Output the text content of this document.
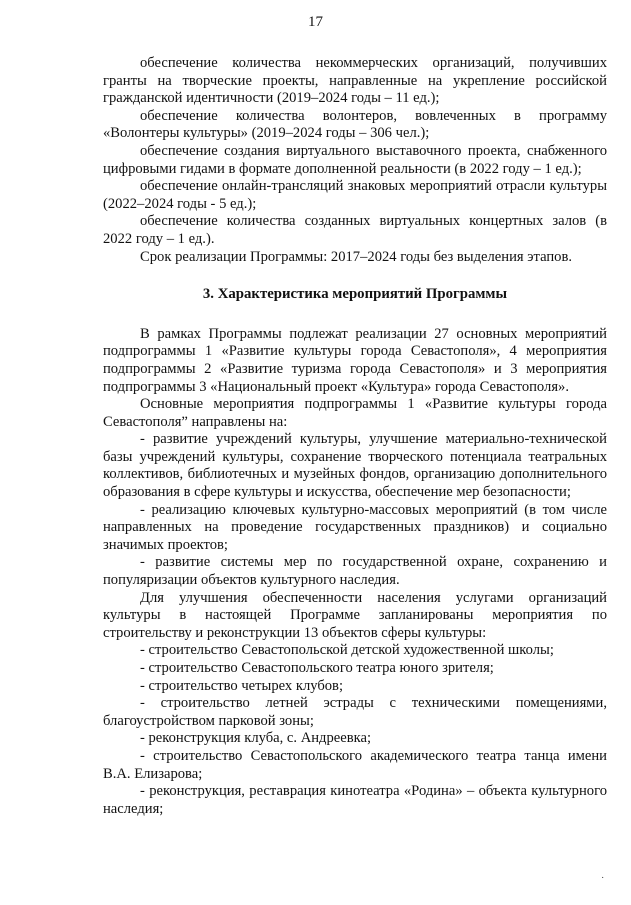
17

обеспечение количества некоммерческих организаций, получивших гранты на творческие проекты, направленные на укрепление российской гражданской идентичности (2019–2024 годы – 11 ед.);

обеспечение количества волонтеров, вовлеченных в программу «Волонтеры культуры» (2019–2024 годы – 306 чел.);

обеспечение создания виртуального выставочного проекта, снабженного цифровыми гидами в формате дополненной реальности (в 2022 году – 1 ед.);

обеспечение онлайн-трансляций знаковых мероприятий отрасли культуры (2022–2024 годы - 5 ед.);

обеспечение количества созданных виртуальных концертных залов (в 2022 году – 1 ед.).

Срок реализации Программы: 2017–2024 годы без выделения этапов.

3. Характеристика мероприятий Программы

В рамках Программы подлежат реализации 27 основных мероприятий подпрограммы 1 «Развитие культуры города Севастополя», 4 мероприятия подпрограммы 2 «Развитие туризма города Севастополя» и 3 мероприятия подпрограммы 3 «Национальный проект «Культура» города Севастополя».

Основные мероприятия подпрограммы 1 «Развитие культуры города Севастополя” направлены на:

- развитие учреждений культуры, улучшение материально-технической базы учреждений культуры, сохранение творческого потенциала театральных коллективов, библиотечных и музейных фондов, организацию дополнительного образования в сфере культуры и искусства, обеспечение мер безопасности;

- реализацию ключевых культурно-массовых мероприятий (в том числе направленных на проведение государственных праздников) и социально значимых проектов;

- развитие системы мер по государственной охране, сохранению и популяризации объектов культурного наследия.

Для улучшения обеспеченности населения услугами организаций культуры в настоящей Программе запланированы мероприятия по строительству и реконструкции 13 объектов сферы культуры:

- строительство Севастопольской детской художественной школы;

- строительство Севастопольского театра юного зрителя;

- строительство четырех клубов;

- строительство летней эстрады с техническими помещениями, благоустройством парковой зоны;

- реконструкция клуба, с. Андреевка;

- строительство Севастопольского академического театра танца имени В.А. Елизарова;

- реконструкция, реставрация кинотеатра «Родина» – объекта культурного наследия;

˙
